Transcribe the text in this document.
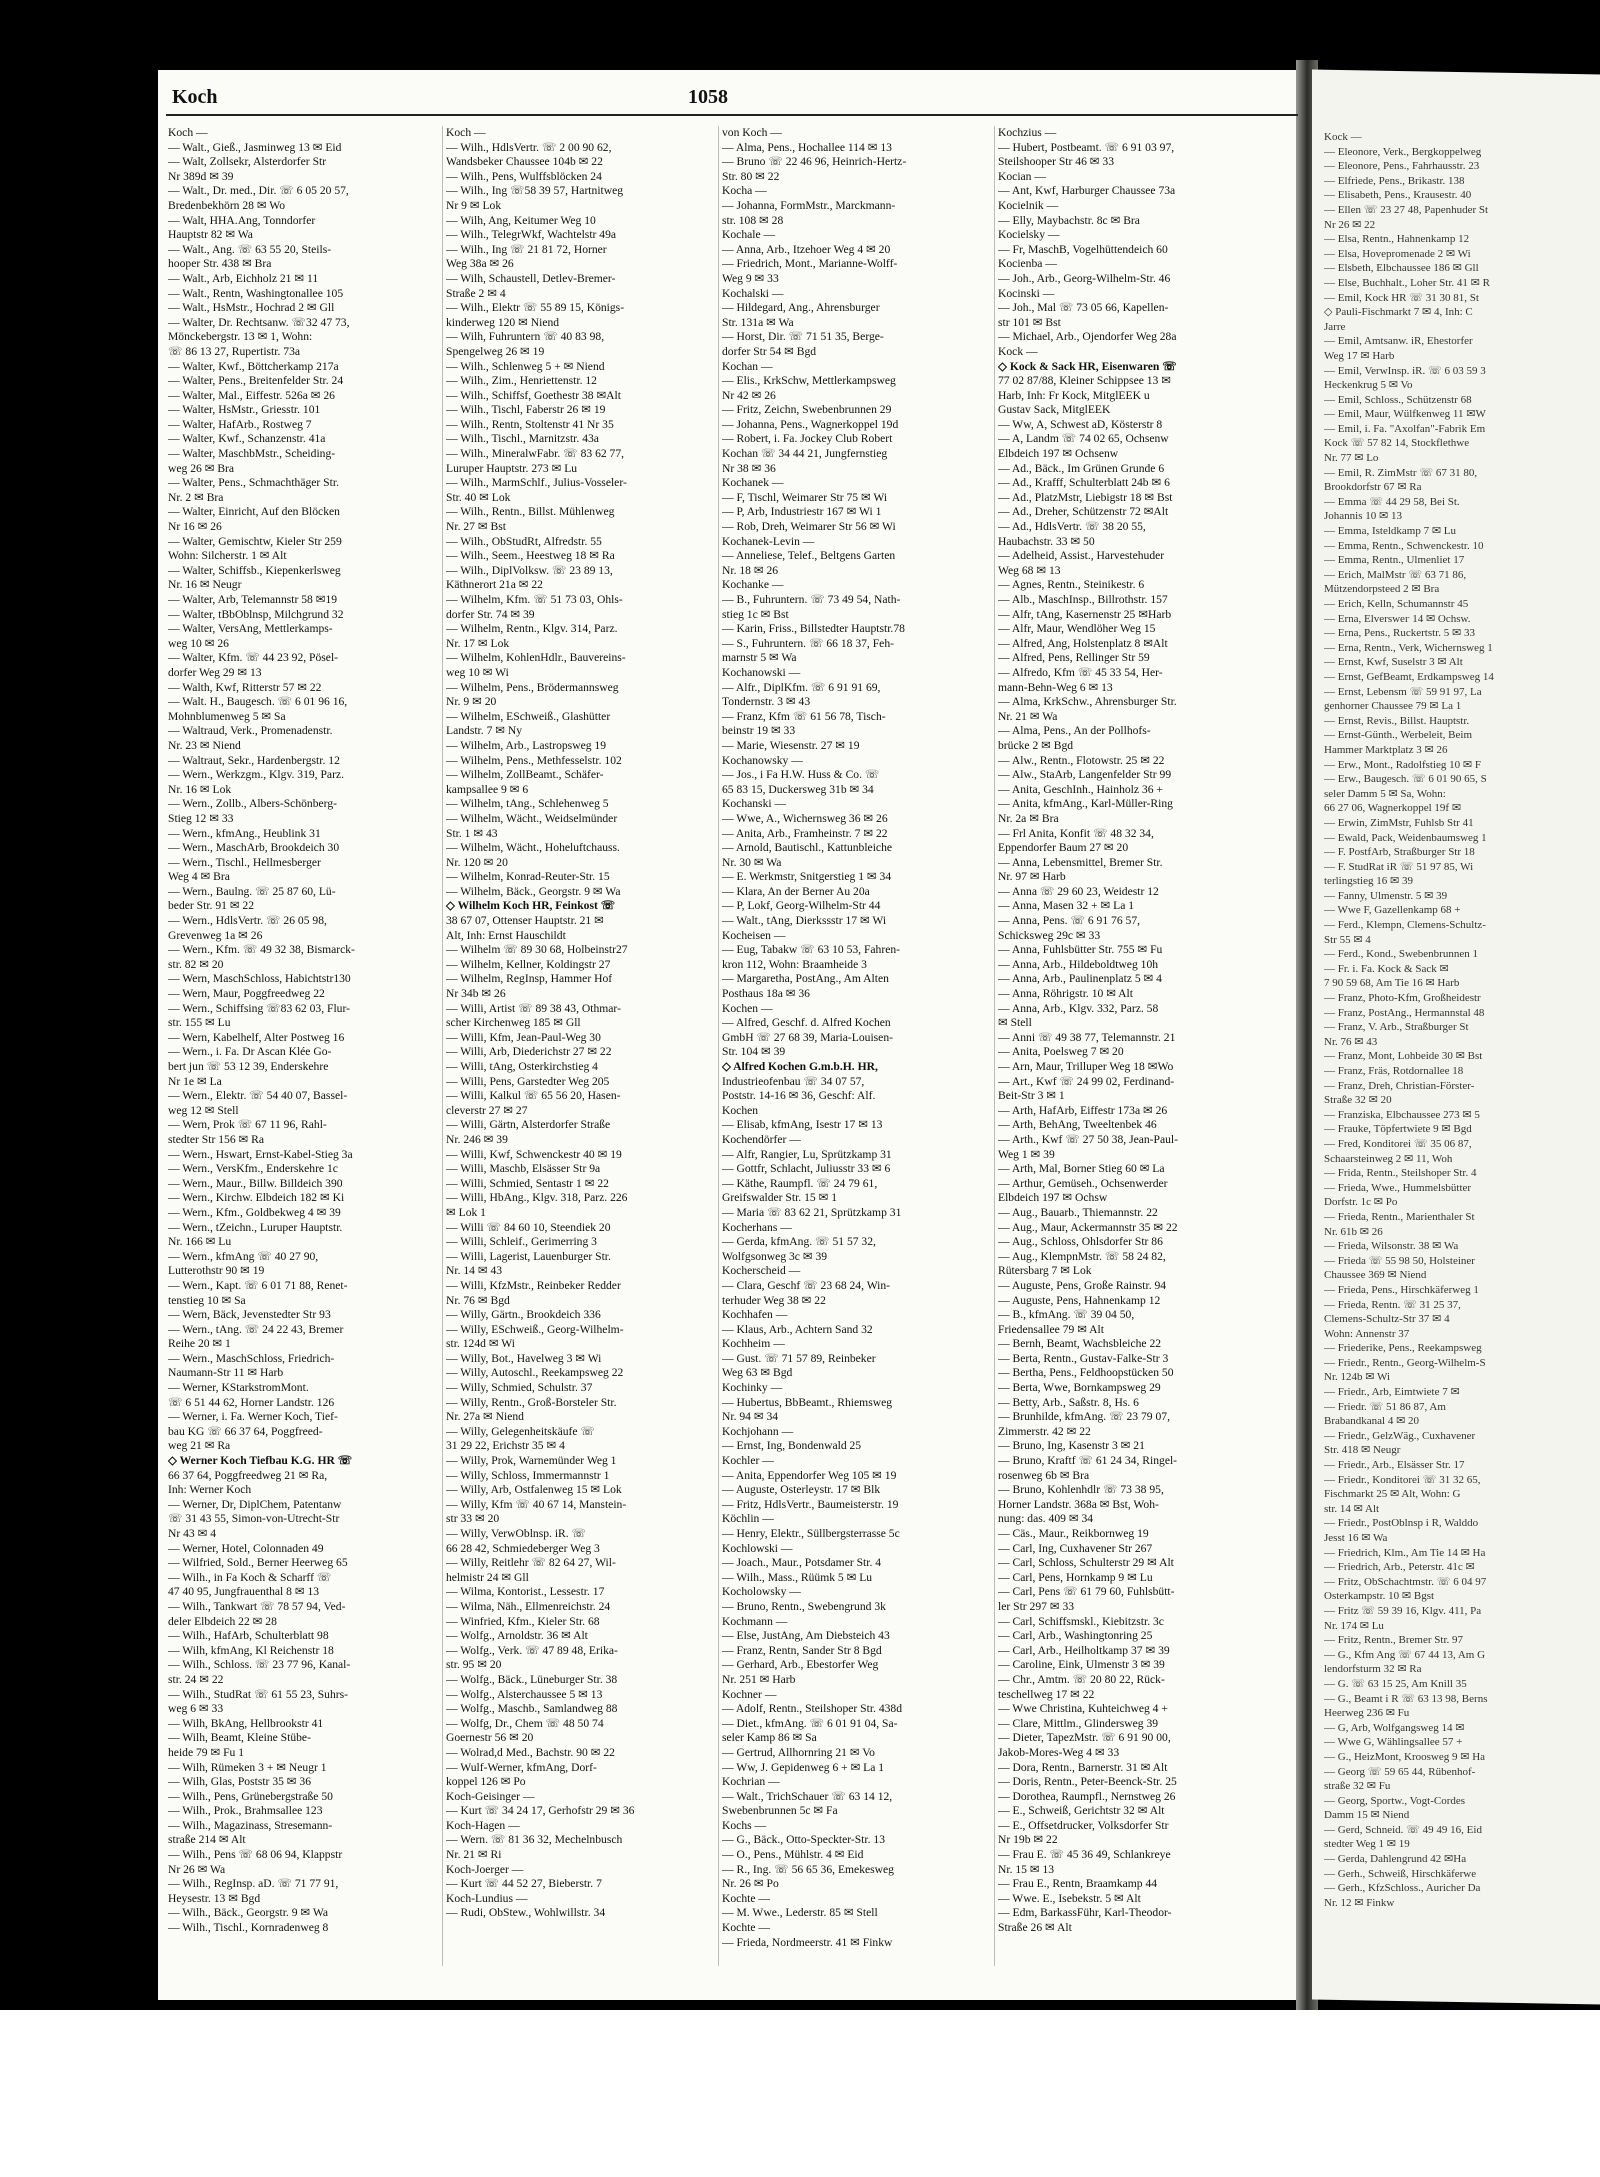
Koch	1058
Koch —
— Walt., Gieß., Jasminweg 13 ✉ Eid
— Walt, Zollsekr, Alsterdorfer Str
Nr 389d ✉ 39
— Walt., Dr. med., Dir. ☏ 6 05 20 57,
Bredenbekhörn 28 ✉ Wo
— Walt, HHA.Ang, Tonndorfer
Hauptstr 82 ✉ Wa
— Walt., Ang. ☏ 63 55 20, Steils-
hooper Str. 438 ✉ Bra
— Walt., Arb, Eichholz 21 ✉ 11
— Walt., Rentn, Washingtonallee 105
— Walt., HsMstr., Hochrad 2 ✉ Gll
— Walter, Dr. Rechtsanw. ☏32 47 73,
Mönckebergstr. 13 ✉ 1, Wohn:
☏ 86 13 27, Rupertistr. 73a
— Walter, Kwf., Böttcherkamp 217a
— Walter, Pens., Breitenfelder Str. 24
— Walter, Mal., Eiffestr. 526a ✉ 26
— Walter, HsMstr., Griesstr. 101
— Walter, HafArb., Rostweg 7
— Walter, Kwf., Schanzenstr. 41a
— Walter, MaschbMstr., Scheiding-
weg 26 ✉ Bra
— Walter, Pens., Schmachthäger Str.
Nr. 2 ✉ Bra
— Walter, Einricht, Auf den Blöcken
Nr 16 ✉ 26
— Walter, Gemischtw, Kieler Str 259
Wohn: Silcherstr. 1 ✉ Alt
— Walter, Schiffsb., Kiepenkerlsweg
Nr. 16 ✉ Neugr
— Walter, Arb, Telemannstr 58 ✉19
— Walter, tBbOblnsp, Milchgrund 32
— Walter, VersAng, Mettlerkamps-
weg 10 ✉ 26
— Walter, Kfm. ☏ 44 23 92, Pösel-
dorfer Weg 29 ✉ 13
— Walth, Kwf, Ritterstr 57 ✉ 22
— Walt. H., Baugesch. ☏ 6 01 96 16,
Mohnblumenweg 5 ✉ Sa
— Waltraud, Verk., Promenadenstr.
Nr. 23 ✉ Niend
— Waltraut, Sekr., Hardenbergstr. 12
— Wern., Werkzgm., Klgv. 319, Parz.
Nr. 16 ✉ Lok
— Wern., Zollb., Albers-Schönberg-
Stieg 12 ✉ 33
— Wern., kfmAng., Heublink 31
— Wern., MaschArb, Brookdeich 30
— Wern., Tischl., Hellmesberger
Weg 4 ✉ Bra
— Wern., Baulng. ☏ 25 87 60, Lü-
beder Str. 91 ✉ 22
— Wern., HdlsVertr. ☏ 26 05 98,
Grevenweg 1a ✉ 26
— Wern., Kfm. ☏ 49 32 38, Bismarck-
str. 82 ✉ 20
— Wern, MaschSchloss, Habichtstr130
— Wern, Maur, Poggfreedweg 22
— Wern., Schiffsing ☏83 62 03, Flur-
str. 155 ✉ Lu
— Wern, Kabelhelf, Alter Postweg 16
— Wern., i. Fa. Dr Ascan Klée Go-
bert jun ☏ 53 12 39, Enderskehre
Nr 1e ✉ La
— Wern., Elektr. ☏ 54 40 07, Bassel-
weg 12 ✉ Stell
— Wern, Prok ☏ 67 11 96, Rahl-
stedter Str 156 ✉ Ra
— Wern., Hswart, Ernst-Kabel-Stieg 3a
— Wern., VersKfm., Enderskehre 1c
— Wern., Maur., Billw. Billdeich 390
— Wern., Kirchw. Elbdeich 182 ✉ Ki
— Wern., Kfm., Goldbekweg 4 ✉ 39
— Wern., tZeichn., Luruper Hauptstr.
Nr. 166 ✉ Lu
— Wern., kfmAng ☏ 40 27 90,
Lutterothstr 90 ✉ 19
— Wern., Kapt. ☏ 6 01 71 88, Renet-
tenstieg 10 ✉ Sa
— Wern, Bäck, Jevenstedter Str 93
— Wern., tAng. ☏ 24 22 43, Bremer
Reihe 20 ✉ 1
— Wern., MaschSchloss, Friedrich-
Naumann-Str 11 ✉ Harb
— Werner, KStarkstromMont.
☏ 6 51 44 62, Horner Landstr. 126
— Werner, i. Fa. Werner Koch, Tief-
bau KG ☏ 66 37 64, Poggfreed-
weg 21 ✉ Ra
◇ Werner Koch Tiefbau K.G. HR ☏
66 37 64, Poggfreedweg 21 ✉ Ra,
Inh: Werner Koch
— Werner, Dr, DiplChem, Patentanw
☏ 31 43 55, Simon-von-Utrecht-Str
Nr 43 ✉ 4
— Werner, Hotel, Colonnaden 49
— Wilfried, Sold., Berner Heerweg 65
— Wilh., in Fa Koch & Scharff ☏
47 40 95, Jungfrauenthal 8 ✉ 13
— Wilh., Tankwart ☏ 78 57 94, Ved-
deler Elbdeich 22 ✉ 28
— Wilh., HafArb, Schulterblatt 98
— Wilh, kfmAng, Kl Reichenstr 18
— Wilh., Schloss. ☏ 23 77 96, Kanal-
str. 24 ✉ 22
— Wilh., StudRat ☏ 61 55 23, Suhrs-
weg 6 ✉ 33
— Wilh, BkAng, Hellbrookstr 41
— Wilh, Beamt, Kleine Stübe-
heide 79 ✉ Fu 1
— Wilh, Rümeken 3 + ✉ Neugr 1
— Wilh, Glas, Poststr 35 ✉ 36
— Wilh., Pens, Grünebergstraße 50
— Wilh., Prok., Brahmsallee 123
— Wilh., Magazinass, Stresemann-
straße 214 ✉ Alt
— Wilh., Pens ☏ 68 06 94, Klappstr
Nr 26 ✉ Wa
— Wilh., RegInsp. aD. ☏ 71 77 91,
Heysestr. 13 ✉ Bgd
— Wilh., Bäck., Georgstr. 9 ✉ Wa
— Wilh., Tischl., Kornradenweg 8
Koch —
— Wilh., HdlsVertr. ☏ 2 00 90 62,
Wandsbeker Chaussee 104b ✉ 22
— Wilh., Pens, Wulffsblöcken 24
— Wilh., Ing ☏58 39 57, Hartnitweg
Nr 9 ✉ Lok
— Wilh, Ang, Keitumer Weg 10
— Wilh., TelegrWkf, Wachtelstr 49a
— Wilh., Ing ☏ 21 81 72, Horner
Weg 38a ✉ 26
— Wilh, Schaustell, Detlev-Bremer-
Straße 2 ✉ 4
— Wilh., Elektr ☏ 55 89 15, Königs-
kinderweg 120 ✉ Niend
— Wilh, Fuhruntern ☏ 40 83 98,
Spengelweg 26 ✉ 19
— Wilh., Schlenweg 5 + ✉ Niend
— Wilh., Zim., Henriettenstr. 12
— Wilh., Schiffsf, Goethestr 38 ✉Alt
— Wilh., Tischl, Faberstr 26 ✉ 19
— Wilh., Rentn, Stoltenstr 41 Nr 35
— Wilh., Tischl., Marnitzstr. 43a
— Wilh., MineralwFabr. ☏ 83 62 77,
Luruper Hauptstr. 273 ✉ Lu
— Wilh., MarmSchlf., Julius-Vosseler-
Str. 40 ✉ Lok
— Wilh., Rentn., Billst. Mühlenweg
Nr. 27 ✉ Bst
— Wilh., ObStudRt, Alfredstr. 55
— Wilh., Seem., Heestweg 18 ✉ Ra
— Wilh., DiplVolksw. ☏ 23 89 13,
Käthnerort 21a ✉ 22
— Wilhelm, Kfm. ☏ 51 73 03, Ohls-
dorfer Str. 74 ✉ 39
— Wilhelm, Rentn., Klgv. 314, Parz.
Nr. 17 ✉ Lok
— Wilhelm, KohlenHdlr., Bauvereins-
weg 10 ✉ Wi
— Wilhelm, Pens., Brödermannsweg
Nr. 9 ✉ 20
— Wilhelm, ESchweiß., Glashütter
Landstr. 7 ✉ Ny
— Wilhelm, Arb., Lastropsweg 19
— Wilhelm, Pens., Methfesselstr. 102
— Wilhelm, ZollBeamt., Schäfer-
kampsallee 9 ✉ 6
— Wilhelm, tAng., Schlehenweg 5
— Wilhelm, Wächt., Weidselmünder
Str. 1 ✉ 43
— Wilhelm, Wächt., Hoheluftchauss.
Nr. 120 ✉ 20
— Wilhelm, Konrad-Reuter-Str. 15
— Wilhelm, Bäck., Georgstr. 9 ✉ Wa
◇ Wilhelm Koch HR, Feinkost ☏
38 67 07, Ottenser Hauptstr. 21 ✉
Alt, Inh: Ernst Hauschildt
— Wilhelm ☏ 89 30 68, Holbeinstr27
— Wilhelm, Kellner, Koldingstr 27
— Wilhelm, RegInsp, Hammer Hof
Nr 34b ✉ 26
— Willi, Artist ☏ 89 38 43, Othmar-
scher Kirchenweg 185 ✉ Gll
— Willi, Kfm, Jean-Paul-Weg 30
— Willi, Arb, Diederichstr 27 ✉ 22
— Willi, tAng, Osterkirchstieg 4
— Willi, Pens, Garstedter Weg 205
— Willi, Kalkul ☏ 65 56 20, Hasen-
cleverstr 27 ✉ 27
— Willi, Gärtn, Alsterdorfer Straße
Nr. 246 ✉ 39
— Willi, Kwf, Schwenckestr 40 ✉ 19
— Willi, Maschb, Elsässer Str 9a
— Willi, Schmied, Sentastr 1 ✉ 22
— Willi, HbAng., Klgv. 318, Parz. 226
✉ Lok 1
— Willi ☏ 84 60 10, Steendiek 20
— Willi, Schleif., Gerimerring 3
— Willi, Lagerist, Lauenburger Str.
Nr. 14 ✉ 43
— Willi, KfzMstr., Reinbeker Redder
Nr. 76 ✉ Bgd
— Willy, Gärtn., Brookdeich 336
— Willy, ESchweiß., Georg-Wilhelm-
str. 124d ✉ Wi
— Willy, Bot., Havelweg 3 ✉ Wi
— Willy, Autoschl., Reekampsweg 22
— Willy, Schmied, Schulstr. 37
— Willy, Rentn., Groß-Borsteler Str.
Nr. 27a ✉ Niend
— Willy, Gelegenheitskäufe ☏
31 29 22, Erichstr 35 ✉ 4
— Willy, Prok, Warnemünder Weg 1
— Willy, Schloss, Immermannstr 1
— Willy, Arb, Ostfalenweg 15 ✉ Lok
— Willy, Kfm ☏ 40 67 14, Manstein-
str 33 ✉ 20
— Willy, VerwOblnsp. iR. ☏
66 28 42, Schmiedeberger Weg 3
— Willy, Reitlehr ☏ 82 64 27, Wil-
helmistr 24 ✉ Gll
— Wilma, Kontorist., Lessestr. 17
— Wilma, Näh., Ellmenreichstr. 24
— Winfried, Kfm., Kieler Str. 68
— Wolfg., Arnoldstr. 36 ✉ Alt
— Wolfg., Verk. ☏ 47 89 48, Erika-
str. 95 ✉ 20
— Wolfg., Bäck., Lüneburger Str. 38
— Wolfg., Alsterchaussee 5 ✉ 13
— Wolfg., Maschb., Samlandweg 88
— Wolfg, Dr., Chem ☏ 48 50 74
Goernestr 56 ✉ 20
— Wolrad,d Med., Bachstr. 90 ✉ 22
— Wulf-Werner, kfmAng, Dorf-
koppel 126 ✉ Po
Koch-Geisinger —
— Kurt ☏ 34 24 17, Gerhofstr 29 ✉ 36
Koch-Hagen —
— Wern. ☏ 81 36 32, Mechelnbusch
Nr. 21 ✉ Ri
Koch-Joerger —
— Kurt ☏ 44 52 27, Bieberstr. 7
Koch-Lundius —
— Rudi, ObStew., Wohlwillstr. 34
von Koch —
— Alma, Pens., Hochallee 114 ✉ 13
— Bruno ☏ 22 46 96, Heinrich-Hertz-
Str. 80 ✉ 22
Kocha —
— Johanna, FormMstr., Marckmann-
str. 108 ✉ 28
Kochale —
— Anna, Arb., Itzehoer Weg 4 ✉ 20
— Friedrich, Mont., Marianne-Wolff-
Weg 9 ✉ 33
Kochalski —
— Hildegard, Ang., Ahrensburger
Str. 131a ✉ Wa
— Horst, Dir. ☏ 71 51 35, Berge-
dorfer Str 54 ✉ Bgd
Kochan —
— Elis., KrkSchw, Mettlerkampsweg
Nr 42 ✉ 26
— Fritz, Zeichn, Swebenbrunnen 29
— Johanna, Pens., Wagnerkoppel 19d
— Robert, i. Fa. Jockey Club Robert
Kochan ☏ 34 44 21, Jungfernstieg
Nr 38 ✉ 36
Kochanek —
— F, Tischl, Weimarer Str 75 ✉ Wi
— P, Arb, Industriestr 167 ✉ Wi 1
— Rob, Dreh, Weimarer Str 56 ✉ Wi
Kochanek-Levin —
— Anneliese, Telef., Beltgens Garten
Nr. 18 ✉ 26
Kochanke —
— B., Fuhruntern. ☏ 73 49 54, Nath-
stieg 1c ✉ Bst
— Karin, Friss., Billstedter Hauptstr.78
— S., Fuhruntern. ☏ 66 18 37, Feh-
marnstr 5 ✉ Wa
Kochanowski —
— Alfr., DiplKfm. ☏ 6 91 91 69,
Tondernstr. 3 ✉ 43
— Franz, Kfm ☏ 61 56 78, Tisch-
beinstr 19 ✉ 33
— Marie, Wiesenstr. 27 ✉ 19
Kochanowsky —
— Jos., i Fa H.W. Huss & Co. ☏
65 83 15, Duckersweg 31b ✉ 34
Kochanski —
— Wwe, A., Wichernsweg 36 ✉ 26
— Anita, Arb., Framheinstr. 7 ✉ 22
— Arnold, Bautischl., Kattunbleiche
Nr. 30 ✉ Wa
— E. Werkmstr, Snitgerstieg 1 ✉ 34
— Klara, An der Berner Au 20a
— P, Lokf, Georg-Wilhelm-Str 44
— Walt., tAng, Dierkssstr 17 ✉ Wi
Kocheisen —
— Eug, Tabakw ☏ 63 10 53, Fahren-
kron 112, Wohn: Braamheide 3
— Margaretha, PostAng., Am Alten
Posthaus 18a ✉ 36
Kochen —
— Alfred, Geschf. d. Alfred Kochen
GmbH ☏ 27 68 39, Maria-Louisen-
Str. 104 ✉ 39
◇ Alfred Kochen G.m.b.H. HR,
Industrieofenbau ☏ 34 07 57,
Poststr. 14-16 ✉ 36, Geschf: Alf.
Kochen
— Elisab, kfmAng, Isestr 17 ✉ 13
Kochendörfer —
— Alfr, Rangier, Lu, Sprützkamp 31
— Gottfr, Schlacht, Juliusstr 33 ✉ 6
— Käthe, Raumpfl. ☏ 24 79 61,
Greifswalder Str. 15 ✉ 1
— Maria ☏ 83 62 21, Sprützkamp 31
Kocherhans —
— Gerda, kfmAng. ☏ 51 57 32,
Wolfgsonweg 3c ✉ 39
Kocherscheid —
— Clara, Geschf ☏ 23 68 24, Win-
terhuder Weg 38 ✉ 22
Kochhafen —
— Klaus, Arb., Achtern Sand 32
Kochheim —
— Gust. ☏ 71 57 89, Reinbeker
Weg 63 ✉ Bgd
Kochinky —
— Hubertus, BbBeamt., Rhiemsweg
Nr. 94 ✉ 34
Kochjohann —
— Ernst, Ing, Bondenwald 25
Kochler —
— Anita, Eppendorfer Weg 105 ✉ 19
— Auguste, Osterleystr. 17 ✉ Blk
— Fritz, HdlsVertr., Baumeisterstr. 19
Köchlin —
— Henry, Elektr., Süllbergsterrasse 5c
Kochlowski —
— Joach., Maur., Potsdamer Str. 4
— Wilh., Mass., Rüümk 5 ✉ Lu
Kocholowsky —
— Bruno, Rentn., Swebengrund 3k
Kochmann —
— Else, JustAng, Am Diebsteich 43
— Franz, Rentn, Sander Str 8 Bgd
— Gerhard, Arb., Ebestorfer Weg
Nr. 251 ✉ Harb
Kochner —
— Adolf, Rentn., Steilshoper Str. 438d
— Diet., kfmAng. ☏ 6 01 91 04, Sa-
seler Kamp 86 ✉ Sa
— Gertrud, Allhornring 21 ✉ Vo
— Ww, J. Gepidenweg 6 + ✉ La 1
Kochrian —
— Walt., TrichSchauer ☏ 63 14 12,
Swebenbrunnen 5c ✉ Fa
Kochs —
— G., Bäck., Otto-Speckter-Str. 13
— O., Pens., Mühlstr. 4 ✉ Eid
— R., Ing. ☏ 56 65 36, Emekesweg
Nr. 26 ✉ Po
Kochte —
— M. Wwe., Lederstr. 85 ✉ Stell
Kochte —
— Frieda, Nordmeerstr. 41 ✉ Finkw
Kochzius —
— Hubert, Postbeamt. ☏ 6 91 03 97,
Steilshooper Str 46 ✉ 33
Kocian —
— Ant, Kwf, Harburger Chaussee 73a
Kocielnik —
— Elly, Maybachstr. 8c ✉ Bra
Kocielsky —
— Fr, MaschB, Vogelhüttendeich 60
Kocienba —
— Joh., Arb., Georg-Wilhelm-Str. 46
Kocinski —
— Joh., Mal ☏ 73 05 66, Kapellen-
str 101 ✉ Bst
— Michael, Arb., Ojendorfer Weg 28a
Kock —
◇ Kock & Sack HR, Eisenwaren ☏
77 02 87/88, Kleiner Schippsee 13 ✉
Harb, Inh: Fr Kock, MitglEEK u
Gustav Sack, MitglEEK
— Ww, A, Schwest aD, Kösterstr 8
— A, Landm ☏ 74 02 65, Ochsenw
Elbdeich 197 ✉ Ochsenw
— Ad., Bäck., Im Grünen Grunde 6
— Ad., Krafff, Schulterblatt 24b ✉ 6
— Ad., PlatzMstr, Liebigstr 18 ✉ Bst
— Ad., Dreher, Schützenstr 72 ✉Alt
— Ad., HdlsVertr. ☏ 38 20 55,
Haubachstr. 33 ✉ 50
— Adelheid, Assist., Harvestehuder
Weg 68 ✉ 13
— Agnes, Rentn., Steinikestr. 6
— Alb., MaschInsp., Billrothstr. 157
— Alfr, tAng, Kasernenstr 25 ✉Harb
— Alfr, Maur, Wendlöher Weg 15
— Alfred, Ang, Holstenplatz 8 ✉Alt
— Alfred, Pens, Rellinger Str 59
— Alfredo, Kfm ☏ 45 33 54, Her-
mann-Behn-Weg 6 ✉ 13
— Alma, KrkSchw., Ahrensburger Str.
Nr. 21 ✉ Wa
— Alma, Pens., An der Pollhofs-
brücke 2 ✉ Bgd
— Alw., Rentn., Flotowstr. 25 ✉ 22
— Alw., StaArb, Langenfelder Str 99
— Anita, GeschInh., Hainholz 36 +
— Anita, kfmAng., Karl-Müller-Ring
Nr. 2a ✉ Bra
— Frl Anita, Konfit ☏ 48 32 34,
Eppendorfer Baum 27 ✉ 20
— Anna, Lebensmittel, Bremer Str.
Nr. 97 ✉ Harb
— Anna ☏ 29 60 23, Weidestr 12
— Anna, Masen 32 + ✉ La 1
— Anna, Pens. ☏ 6 91 76 57,
Schicksweg 29c ✉ 33
— Anna, Fuhlsbütter Str. 755 ✉ Fu
— Anna, Arb., Hildeboldtweg 10h
— Anna, Arb., Paulinenplatz 5 ✉ 4
— Anna, Röhrigstr. 10 ✉ Alt
— Anna, Arb., Klgv. 332, Parz. 58
✉ Stell
— Anni ☏ 49 38 77, Telemannstr. 21
— Anita, Poelsweg 7 ✉ 20
— Arn, Maur, Trilluper Weg 18 ✉Wo
— Art., Kwf ☏ 24 99 02, Ferdinand-
Beit-Str 3 ✉ 1
— Arth, HafArb, Eiffestr 173a ✉ 26
— Arth, BehAng, Tweeltenbek 46
— Arth., Kwf ☏ 27 50 38, Jean-Paul-
Weg 1 ✉ 39
— Arth, Mal, Borner Stieg 60 ✉ La
— Arthur, Gemüseh., Ochsenwerder
Elbdeich 197 ✉ Ochsw
— Aug., Bauarb., Thiemannstr. 22
— Aug., Maur, Ackermannstr 35 ✉ 22
— Aug., Schloss, Ohlsdorfer Str 86
— Aug., KlempnMstr. ☏ 58 24 82,
Rütersbarg 7 ✉ Lok
— Auguste, Pens, Große Rainstr. 94
— Auguste, Pens, Hahnenkamp 12
— B., kfmAng. ☏ 39 04 50,
Friedensallee 79 ✉ Alt
— Bernh, Beamt, Wachsbleiche 22
— Berta, Rentn., Gustav-Falke-Str 3
— Bertha, Pens., Feldhoopstücken 50
— Berta, Wwe, Bornkampsweg 29
— Betty, Arb., Saßstr. 8, Hs. 6
— Brunhilde, kfmAng. ☏ 23 79 07,
Zimmerstr. 42 ✉ 22
— Bruno, Ing, Kasenstr 3 ✉ 21
— Bruno, Kraftf ☏ 61 24 34, Ringel-
rosenweg 6b ✉ Bra
— Bruno, Kohlenhdlr ☏ 73 38 95,
Horner Landstr. 368a ✉ Bst, Woh-
nung: das. 409 ✉ 34
— Cäs., Maur., Reikbornweg 19
— Carl, Ing, Cuxhavener Str 267
— Carl, Schloss, Schulterstr 29 ✉ Alt
— Carl, Pens, Hornkamp 9 ✉ Lu
— Carl, Pens ☏ 61 79 60, Fuhlsbütt-
ler Str 297 ✉ 33
— Carl, Schiffsmskl., Kiebitzstr. 3c
— Carl, Arb., Washingtonring 25
— Carl, Arb., Heilholtkamp 37 ✉ 39
— Caroline, Eink, Ulmenstr 3 ✉ 39
— Chr., Amtm. ☏ 20 80 22, Rück-
teschellweg 17 ✉ 22
— Wwe Christina, Kuhteichweg 4 +
— Clare, Mittlm., Glindersweg 39
— Dieter, TapezMstr. ☏ 6 91 90 00,
Jakob-Mores-Weg 4 ✉ 33
— Dora, Rentn., Barnerstr. 31 ✉ Alt
— Doris, Rentn., Peter-Beenck-Str. 25
— Dorothea, Raumpfl., Nernstweg 26
— E., Schweiß, Gerichtstr 32 ✉ Alt
— E., Offsetdrucker, Volksdorfer Str
Nr 19b ✉ 22
— Frau E. ☏ 45 36 49, Schlankreye
Nr. 15 ✉ 13
— Frau E., Rentn, Braamkamp 44
— Wwe. E., Isebekstr. 5 ✉ Alt
— Edm, BarkassFühr, Karl-Theodor-
Straße 26 ✉ Alt
Kock —
— Eleonore, Verk., Bergkoppelweg
— Eleonore, Pens., Fahrhausstr. 23
— Elfriede, Pens., Brikastr. 138
— Elisabeth, Pens., Krausestr. 40
— Ellen ☏ 23 27 48, Papenhuder St
Nr 26 ✉ 22
— Elsa, Rentn., Hahnenkamp 12
— Elsa, Hovepromenade 2 ✉ Wi
— Elsbeth, Elbchaussee 186 ✉ Gll
— Else, Buchhalt., Loher Str. 41 ✉ R
— Emil, Kock HR ☏ 31 30 81, St
◇ Pauli-Fischmarkt 7 ✉ 4, Inh: C
Jarre
— Emil, Amtsanw. iR, Ehestorfer
Weg 17 ✉ Harb
— Emil, VerwInsp. iR. ☏ 6 03 59 3
Heckenkrug 5 ✉ Vo
— Emil, Schloss., Schützenstr 68
— Emil, Maur, Wülfkenweg 11 ✉W
— Emil, i. Fa. "Axolfan"-Fabrik Em
Kock ☏ 57 82 14, Stockflethwe
Nr. 77 ✉ Lo
— Emil, R. ZimMstr ☏ 67 31 80,
Brookdorfstr 67 ✉ Ra
— Emma ☏ 44 29 58, Bei St.
Johannis 10 ✉ 13
— Emma, Isteldkamp 7 ✉ Lu
— Emma, Rentn., Schwenckestr. 10
— Emma, Rentn., Ulmenliet 17
— Erich, MalMstr ☏ 63 71 86,
Mützendorpsteed 2 ✉ Bra
— Erich, Kelln, Schumannstr 45
— Erna, Elverswег 14 ✉ Ochsw.
— Erna, Pens., Ruckertstr. 5 ✉ 33
— Erna, Rentn., Verk, Wichernsweg 1
— Ernst, Kwf, Suselstr 3 ✉ Alt
— Ernst, GefBeamt, Erdkampsweg 14
— Ernst, Lebensm ☏ 59 91 97, La
genhorner Chaussee 79 ✉ La 1
— Ernst, Revis., Billst. Hauptstr.
— Ernst-Günth., Werbeleit, Beim
Hammer Marktplatz 3 ✉ 26
— Erw., Mont., Radolfstieg 10 ✉ F
— Erw., Baugesch. ☏ 6 01 90 65, S
seler Damm 5 ✉ Sa, Wohn:
66 27 06, Wagnerkoppel 19f ✉
— Erwin, ZimMstr, Fuhlsb Str 41
— Ewald, Pack, Weidenbaumsweg 1
— F. PostfArb, Straßburger Str 18
— F. StudRat iR ☏ 51 97 85, Wi
terlingstieg 16 ✉ 39
— Fanny, Ulmenstr. 5 ✉ 39
— Wwe F, Gazellenkamp 68 +
— Ferd., Klempn, Clemens-Schultz-
Str 55 ✉ 4
— Ferd., Kond., Swebenbrunnen 1
— Fr. i. Fa. Kock & Sack ✉
7 90 59 68, Am Tie 16 ✉ Harb
— Franz, Photo-Kfm, Großheidestr
— Franz, PostAng., Hermannstal 48
— Franz, V. Arb., Straßburger St
Nr. 76 ✉ 43
— Franz, Mont, Lohbeide 30 ✉ Bst
— Franz, Fräs, Rotdornallee 18
— Franz, Dreh, Christian-Förster-
Straße 32 ✉ 20
— Franziska, Elbchaussee 273 ✉ 5
— Frauke, Töpfertwiete 9 ✉ Bgd
— Fred, Konditorei ☏ 35 06 87,
Schaarsteinweg 2 ✉ 11, Woh
— Frida, Rentn., Steilshoper Str. 4
— Frieda, Wwe., Hummelsbütter
Dorfstr. 1c ✉ Po
— Frieda, Rentn., Marienthaler St
Nr. 61b ✉ 26
— Frieda, Wilsonstr. 38 ✉ Wa
— Frieda ☏ 55 98 50, Holsteiner
Chaussee 369 ✉ Niend
— Frieda, Pens., Hirschkäferweg 1
— Frieda, Rentn. ☏ 31 25 37,
Clemens-Schultz-Str 37 ✉ 4
Wohn: Annenstr 37
— Friederike, Pens., Reekampsweg
— Friedr., Rentn., Georg-Wilhelm-S
Nr. 124b ✉ Wi
— Friedr., Arb, Eimtwiete 7 ✉
— Friedr. ☏ 51 86 87, Am
Brabandkanal 4 ✉ 20
— Friedr., GelzWäg., Cuxhavener
Str. 418 ✉ Neugr
— Friedr., Arb., Elsässer Str. 17
— Friedr., Konditorei ☏ 31 32 65,
Fischmarkt 25 ✉ Alt, Wohn: G
str. 14 ✉ Alt
— Friedr., PostOblnsp i R, Walddo
Jesst 16 ✉ Wa
— Friedrich, Klm., Am Tie 14 ✉ Ha
— Friedrich, Arb., Peterstr. 41c ✉
— Fritz, ObSchachtmstr. ☏ 6 04 97
Osterkampstr. 10 ✉ Bgst
— Fritz ☏ 59 39 16, Klgv. 411, Pa
Nr. 174 ✉ Lu
— Fritz, Rentn., Bremer Str. 97
— G., Kfm Ang ☏ 67 44 13, Am G
lendorfsturm 32 ✉ Ra
— G. ☏ 63 15 25, Am Knill 35
— G., Beamt i R ☏ 63 13 98, Berns
Heerweg 236 ✉ Fu
— G, Arb, Wolfgangsweg 14 ✉
— Wwe G, Wählingsallee 57 +
— G., HeizMont, Kroosweg 9 ✉ Ha
— Georg ☏ 59 65 44, Rübenhof-
straße 32 ✉ Fu
— Georg, Sportw., Vogt-Cordes
Damm 15 ✉ Niend
— Gerd, Schneid. ☏ 49 49 16, Eid
stedter Weg 1 ✉ 19
— Gerda, Dahlengrund 42 ✉Ha
— Gerh., Schweiß, Hirschkäferwe
— Gerh., KfzSchloss., Auricher Da
Nr. 12 ✉ Finkw
